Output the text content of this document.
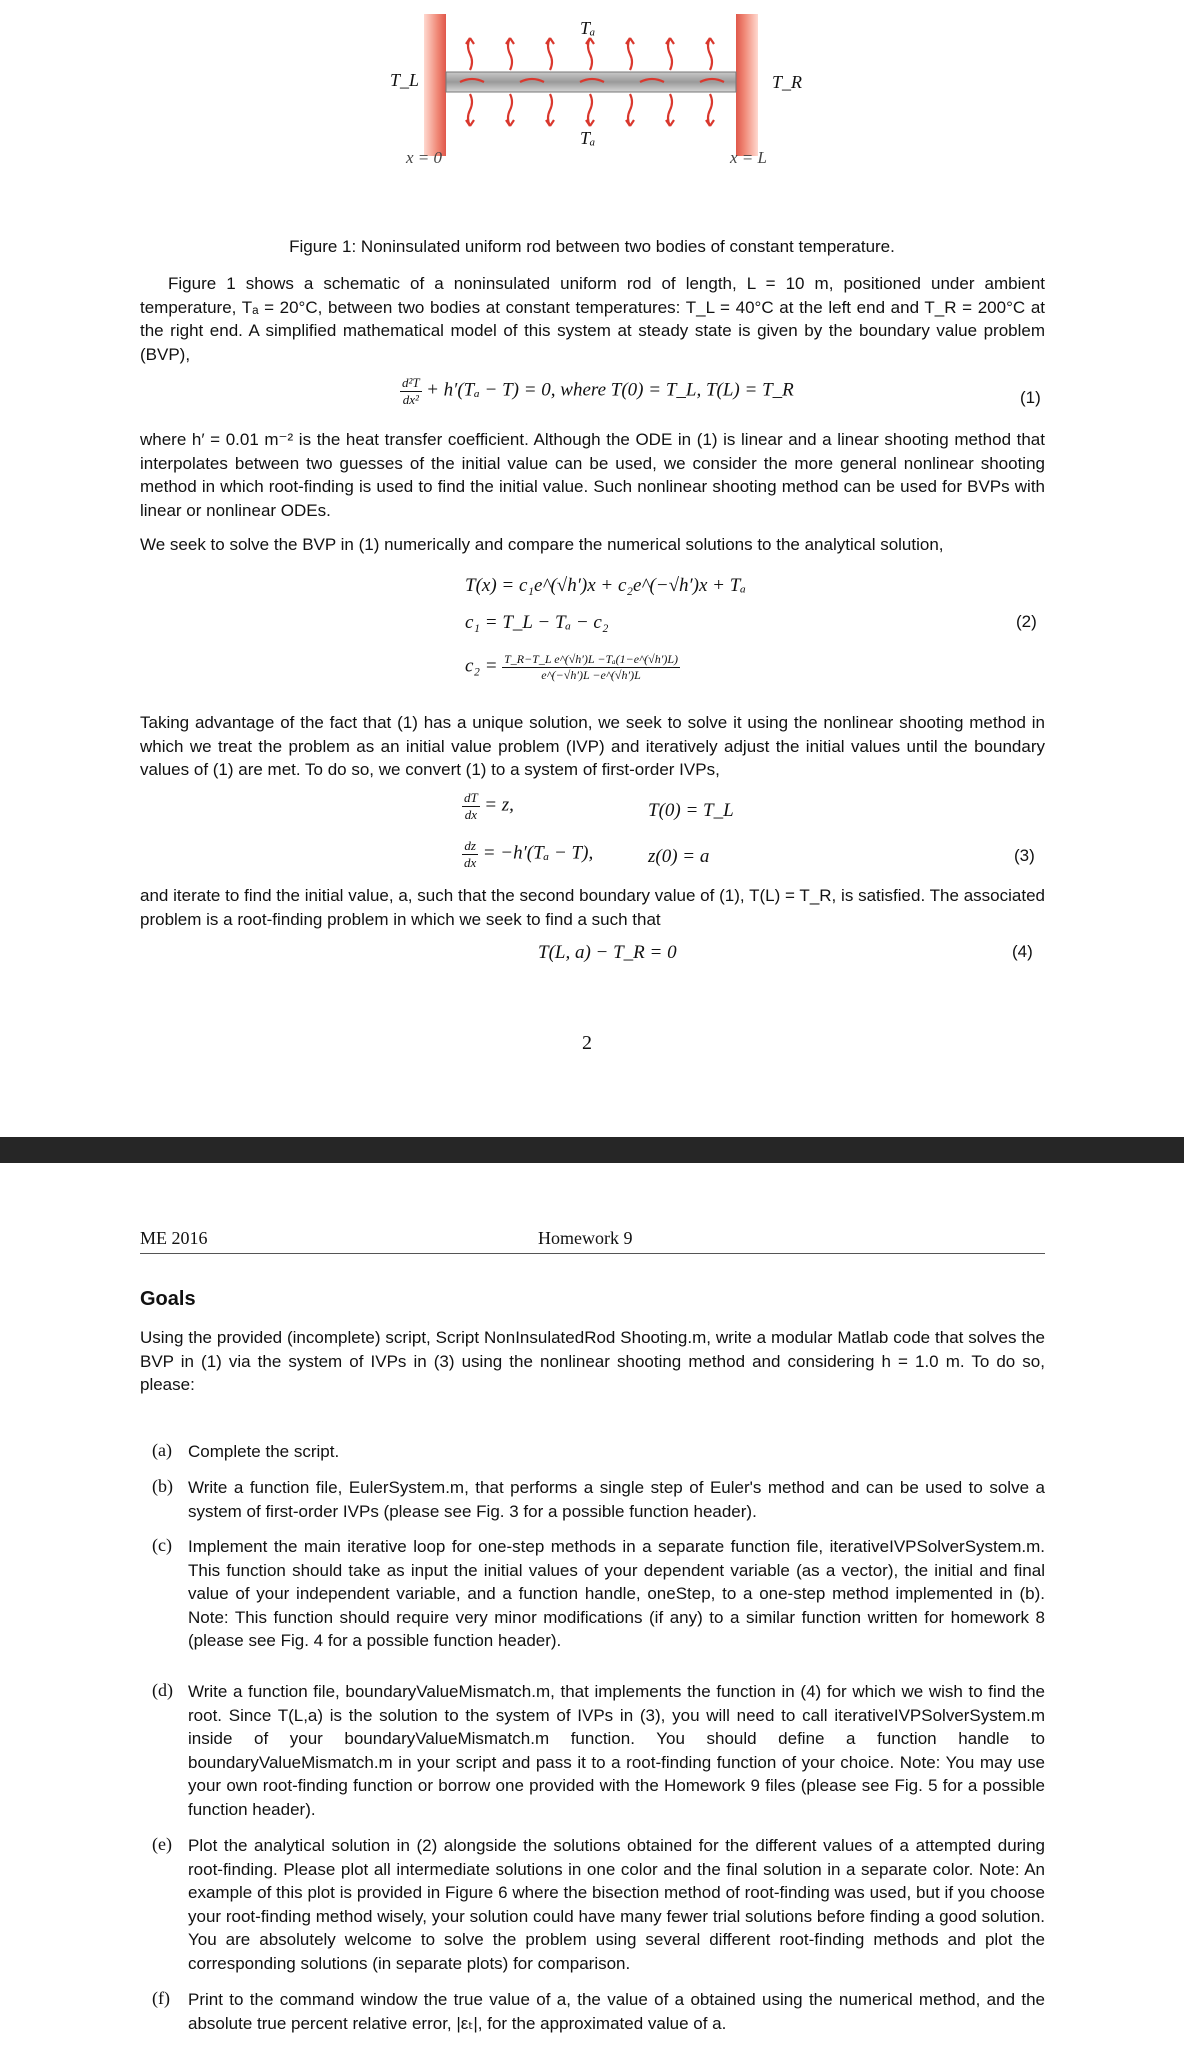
Tₐ
Tₐ
T_L	T_R
x = 0	x = L
Figure 1: Noninsulated uniform rod between two bodies of constant temperature.
Figure 1 shows a schematic of a noninsulated uniform rod of length, L = 10 m, positioned under ambient temperature, Tₐ = 20°C, between two bodies at constant temperatures: T_L = 40°C at the left end and T_R = 200°C at the right end. A simplified mathematical model of this system at steady state is given by the boundary value problem (BVP),
$\frac{\text{d²T}}{\text{dx²}} + h'(T_a - T) = 0$, where T(0) = T_L, T(L) = T_R	(1)
where h′ = 0.01 m⁻² is the heat transfer coefficient. Although the ODE in (1) is linear and a linear shooting method that interpolates between two guesses of the initial value can be used, we consider the more general nonlinear shooting method in which root-finding is used to find the initial value. Such nonlinear shooting method can be used for BVPs with linear or nonlinear ODEs.
We seek to solve the BVP in (1) numerically and compare the numerical solutions to the analytical solution,
T(x) = c₁e^(√h′)x + c₂e^(−√h′)x + Tₐ
c₁ = T_L − Tₐ − c₂
$c_2 = \frac{\text{T\_R−T\_L e\textasciicircum{}(√h′)L −Tₐ(1−e\textasciicircum{}(√h′)L)}}{e\^{}(-√h')L -e\^{}(√h')L}$
(2)
Taking advantage of the fact that (1) has a unique solution, we seek to solve it using the nonlinear shooting method in which we treat the problem as an initial value problem (IVP) and iteratively adjust the initial values until the boundary values of (1) are met. To do so, we convert (1) to a system of first-order IVPs,
$\frac{dT}{dx} = z$,	T(0) = T_L
$\frac{dz}{dx} = -h'(T_a - T)$,	z(0) = a	(3)
and iterate to find the initial value, a, such that the second boundary value of (1), T(L) = T_R, is satisfied. The associated problem is a root-finding problem in which we seek to find a such that
T(L, a) − T_R = 0	(4)
2
ME 2016	Homework 9
Goals
Using the provided (incomplete) script, Script NonInsulatedRod Shooting.m, write a modular Matlab code that solves the BVP in (1) via the system of IVPs in (3) using the nonlinear shooting method and considering h = 1.0 m. To do so, please:
(a) Complete the script.
(b) Write a function file, EulerSystem.m, that performs a single step of Euler's method and can be used to solve a system of first-order IVPs (please see Fig. 3 for a possible function header).
(c) Implement the main iterative loop for one-step methods in a separate function file, iterativeIVPSolverSystem.m. This function should take as input the initial values of your dependent variable (as a vector), the initial and final value of your independent variable, and a function handle, oneStep, to a one-step method implemented in (b). Note: This function should require very minor modifications (if any) to a similar function written for homework 8 (please see Fig. 4 for a possible function header).
(d) Write a function file, boundaryValueMismatch.m, that implements the function in (4) for which we wish to find the root. Since T(L,a) is the solution to the system of IVPs in (3), you will need to call iterativeIVPSolverSystem.m inside of your boundaryValueMismatch.m function. You should define a function handle to boundaryValueMismatch.m in your script and pass it to a root-finding function of your choice. Note: You may use your own root-finding function or borrow one provided with the Homework 9 files (please see Fig. 5 for a possible function header).
(e) Plot the analytical solution in (2) alongside the solutions obtained for the different values of a attempted during root-finding. Please plot all intermediate solutions in one color and the final solution in a separate color. Note: An example of this plot is provided in Figure 6 where the bisection method of root-finding was used, but if you choose your root-finding method wisely, your solution could have many fewer trial solutions before finding a good solution. You are absolutely welcome to solve the problem using several different root-finding methods and plot the corresponding solutions (in separate plots) for comparison.
(f) Print to the command window the true value of a, the value of a obtained using the numerical method, and the absolute true percent relative error, |εₜ|, for the approximated value of a.
